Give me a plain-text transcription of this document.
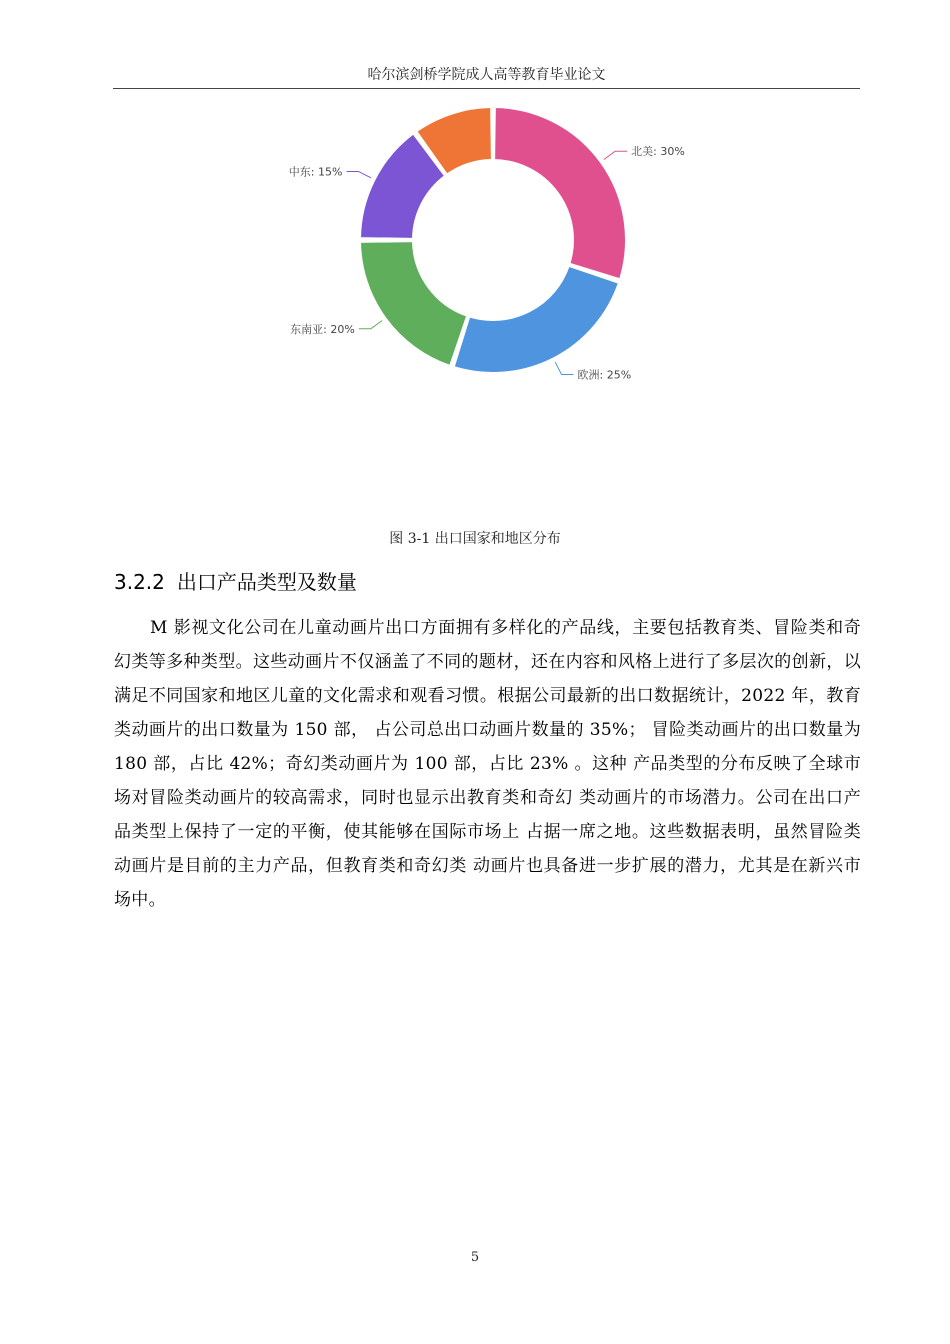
哈尔滨剑桥学院成人高等教育毕业论文
北美: 30%
欧洲: 25%
东南亚: 20%
中东: 15%
图 3-1 出口国家和地区分布
3.2.2 出口产品类型及数量
M 影视文化公司在儿童动画片出口方面拥有多样化的产品线，主要包括教育类、冒险类和奇幻类等多种类型。这些动画片不仅涵盖了不同的题材，还在内容和风格上进行了多层次的创新，以满足不同国家和地区儿童的文化需求和观看习惯。根据公司最新的出口数据统计，2022 年，教育类动画片的出口数量为 150 部， 占公司总出口动画片数量的 35%； 冒险类动画片的出口数量为 180 部，占比 42%；奇幻类动画片为 100 部，占比 23% 。这种 产品类型的分布反映了全球市场对冒险类动画片的较高需求，同时也显示出教育类和奇幻 类动画片的市场潜力。公司在出口产品类型上保持了一定的平衡，使其能够在国际市场上 占据一席之地。这些数据表明，虽然冒险类动画片是目前的主力产品，但教育类和奇幻类 动画片也具备进一步扩展的潜力，尤其是在新兴市场中。
5
